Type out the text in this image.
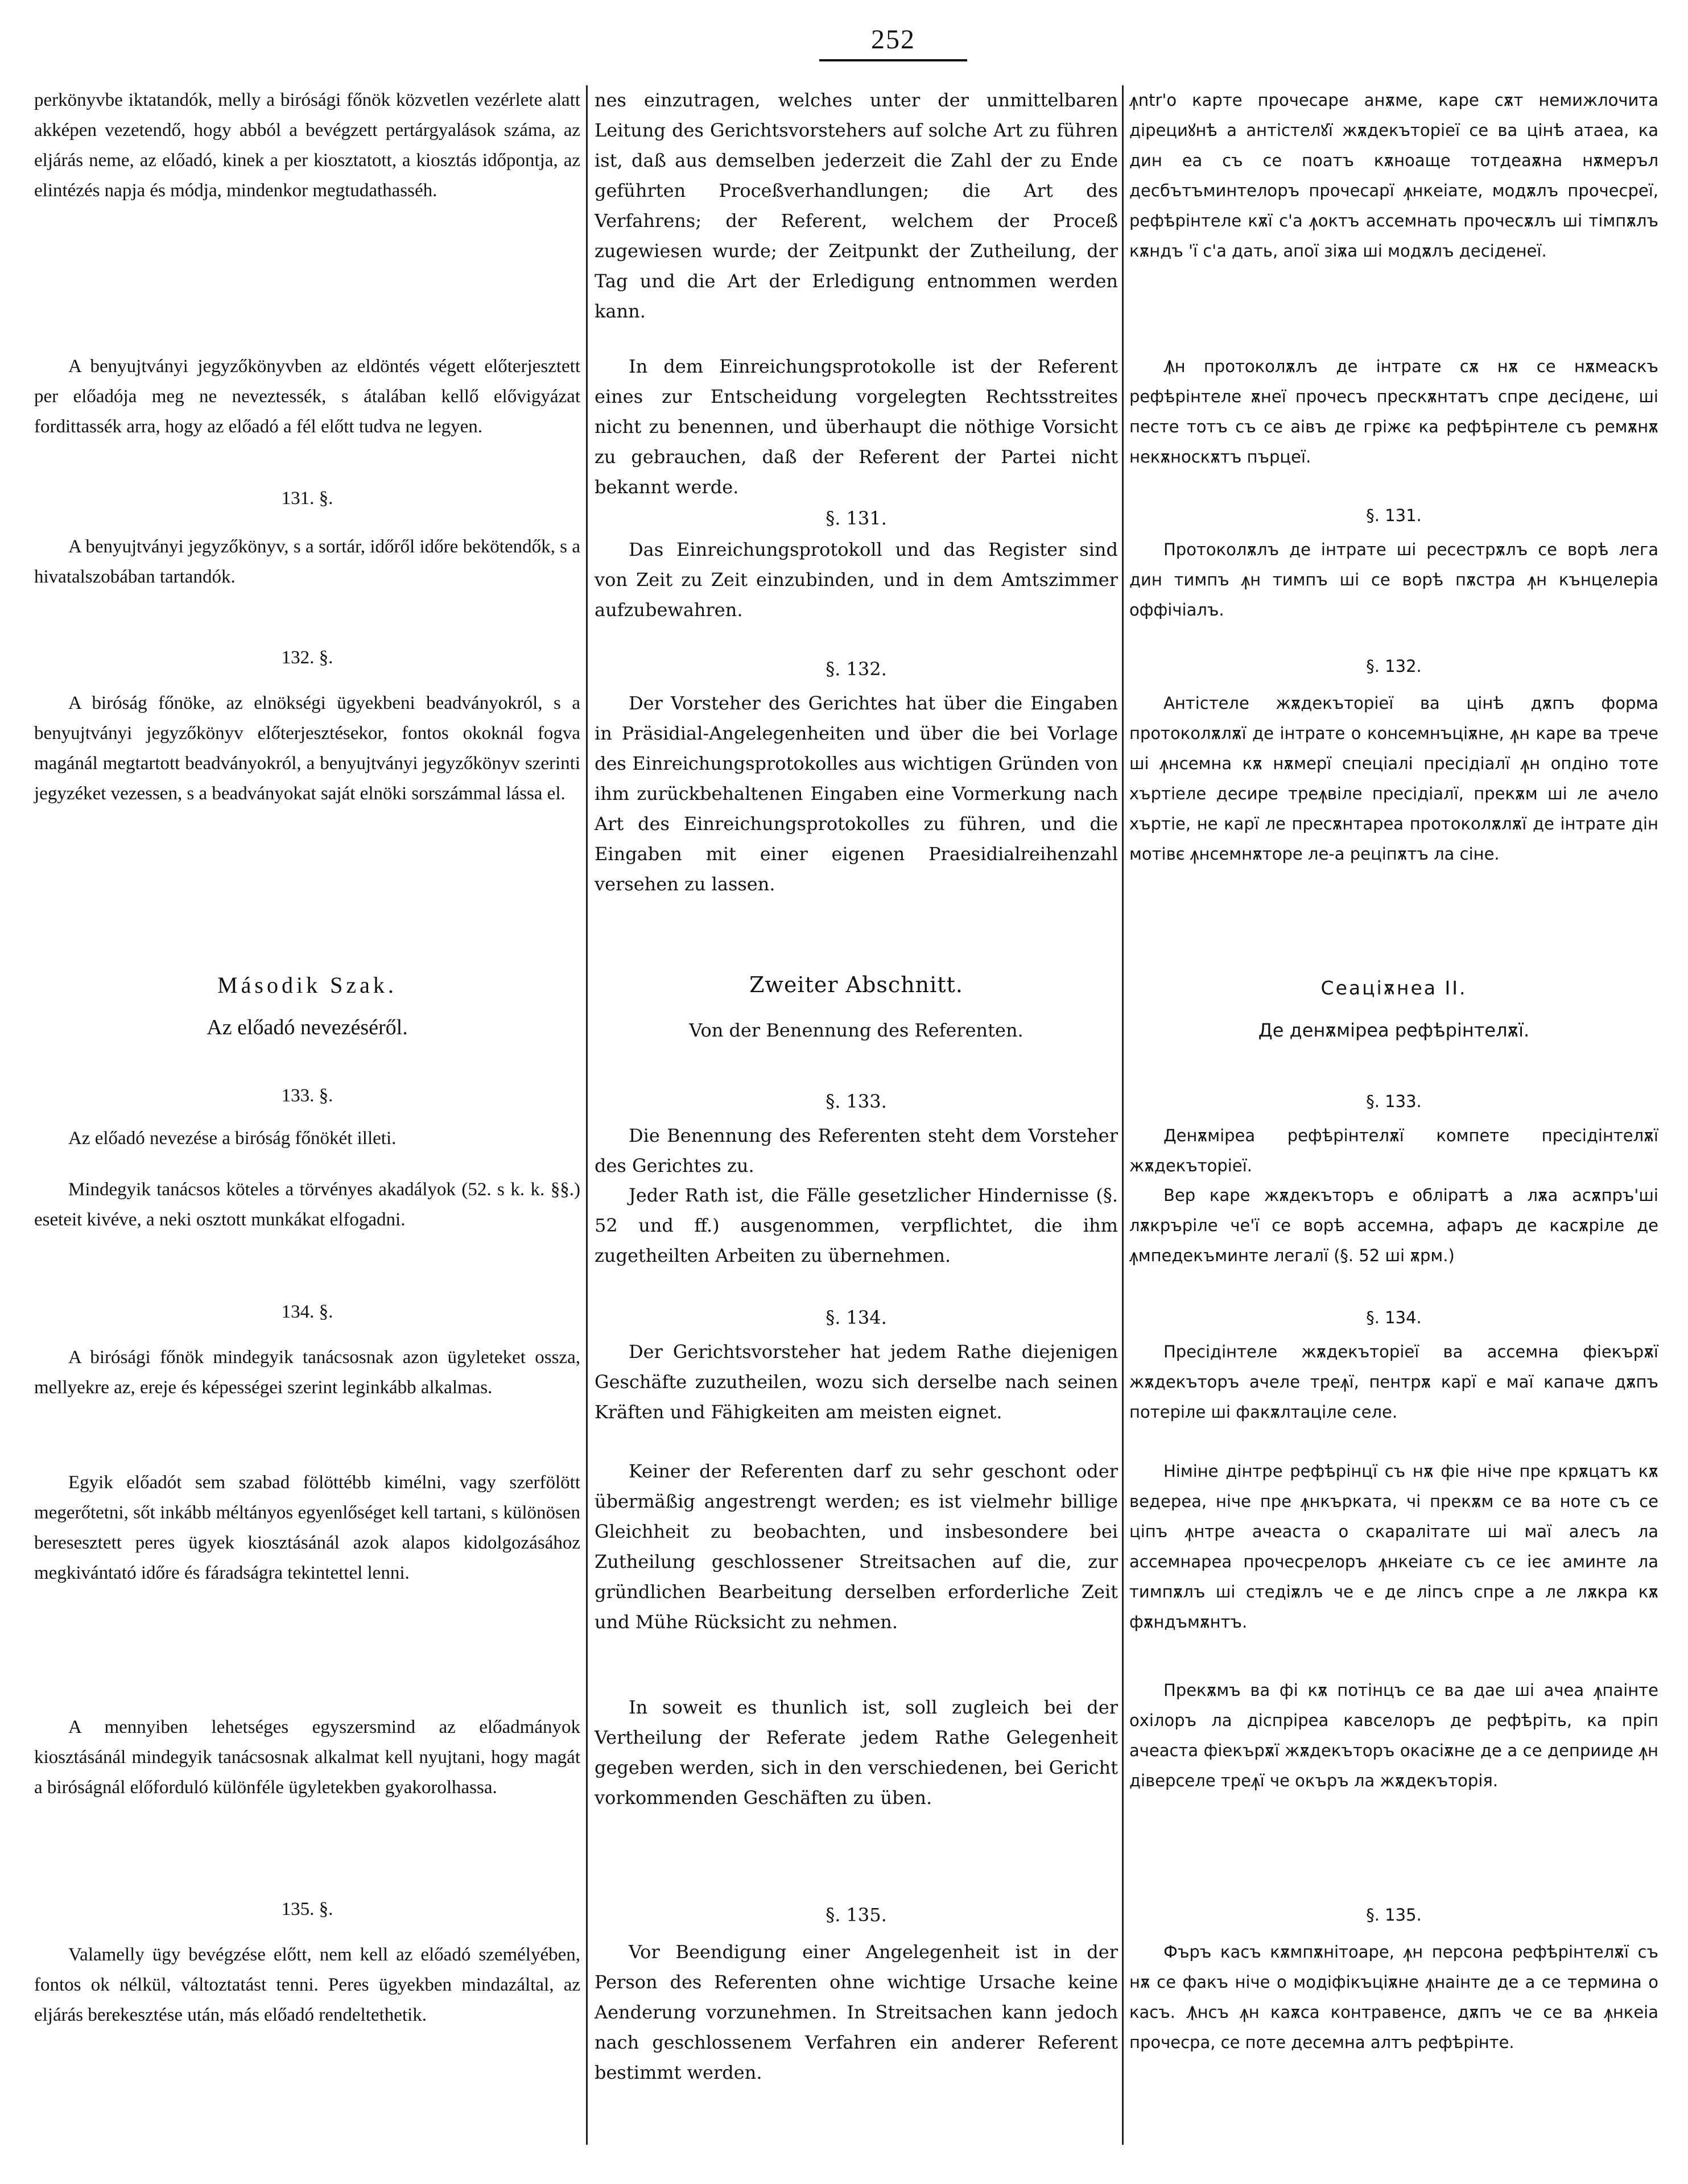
252
perkönyvbe iktatandók, melly a birósági főnök közvetlen vezérlete alatt akképen vezetendő, hogy abból a bevégzett pertárgyalások száma, az eljárás neme, az előadó, kinek a per kiosztatott, a kiosztás időpontja, az elintézés napja és módja, mindenkor megtudathasséh.
A benyujtványi jegyzőkönyvben az eldöntés végett előterjesztett per előadója meg ne neveztessék, s átalában kellő elővigyázat fordittassék arra, hogy az előadó a fél előtt tudva ne legyen.
131. §.
A benyujtványi jegyzőkönyv, s a sortár, időről időre bekötendők, s a hivatalszobában tartandók.
132. §.
A biróság főnöke, az elnökségi ügyekbeni beadványokról, s a benyujtványi jegyzőkönyv előterjesztésekor, fontos okoknál fogva magánál megtartott beadványokról, a benyujtványi jegyzőkönyv szerinti jegyzéket vezessen, s a beadványokat saját elnöki sorszámmal lássa el.
Második Szak.
Az előadó nevezéséről.
133. §.
Az előadó nevezése a biróság főnökét illeti.
Mindegyik tanácsos köteles a törvényes akadályok (52. s k. k. §§.) eseteit kivéve, a neki osztott munkákat elfogadni.
134. §.
A birósági főnök mindegyik tanácsosnak azon ügyleteket ossza, mellyekre az, ereje és képességei szerint leginkább alkalmas.
Egyik előadót sem szabad fölöttébb kimélni, vagy szerfölött megerőtetni, sőt inkább méltányos egyenlőséget kell tartani, s különösen beresesztett peres ügyek kiosztásánál azok alapos kidolgozásához megkivántató időre és fáradságra tekintettel lenni.
A mennyiben lehetséges egyszersmind az előadmányok kiosztásánál mindegyik tanácsosnak alkalmat kell nyujtani, hogy magát a biróságnál előforduló különféle ügyletekben gyakorolhassa.
135. §.
Valamelly ügy bevégzése előtt, nem kell az előadó személyében, fontos ok nélkül, változtatást tenni. Peres ügyekben mindazáltal, az eljárás berekesztése után, más előadó rendeltethetik.
nes einzutragen, welches unter der unmittelbaren Leitung des Gerichtsvorstehers auf solche Art zu führen ist, daß aus demselben jederzeit die Zahl der zu Ende geführten Proceßverhandlungen; die Art des Verfahrens; der Referent, welchem der Proceß zugewiesen wurde; der Zeitpunkt der Zutheilung, der Tag und die Art der Erledigung entnommen werden kann.
In dem Einreichungsprotokolle ist der Referent eines zur Entscheidung vorgelegten Rechtsstreites nicht zu benennen, und überhaupt die nöthige Vorsicht zu gebrauchen, daß der Referent der Partei nicht bekannt werde.
§. 131.
Das Einreichungsprotokoll und das Register sind von Zeit zu Zeit einzubinden, und in dem Amtszimmer aufzubewahren.
§. 132.
Der Vorsteher des Gerichtes hat über die Eingaben in Präsidial-Angelegenheiten und über die bei Vorlage des Einreichungsprotokolles aus wichtigen Gründen von ihm zurückbehaltenen Eingaben eine Vormerkung nach Art des Einreichungsprotokolles zu führen, und die Eingaben mit einer eigenen Praesidialreihenzahl versehen zu lassen.
Zweiter Abschnitt.
Von der Benennung des Referenten.
§. 133.
Die Benennung des Referenten steht dem Vorsteher des Gerichtes zu.
Jeder Rath ist, die Fälle gesetzlicher Hindernisse (§. 52 und ff.) ausgenommen, verpflichtet, die ihm zugetheilten Arbeiten zu übernehmen.
§. 134.
Der Gerichtsvorsteher hat jedem Rathe diejenigen Geschäfte zuzutheilen, wozu sich derselbe nach seinen Kräften und Fähigkeiten am meisten eignet.
Keiner der Referenten darf zu sehr geschont oder übermäßig angestrengt werden; es ist vielmehr billige Gleichheit zu beobachten, und insbesondere bei Zutheilung geschlossener Streitsachen auf die, zur gründlichen Bearbeitung derselben erforderliche Zeit und Mühe Rücksicht zu nehmen.
In soweit es thunlich ist, soll zugleich bei der Vertheilung der Referate jedem Rathe Gelegenheit gegeben werden, sich in den verschiedenen, bei Gericht vorkommenden Geschäften zu üben.
§. 135.
Vor Beendigung einer Angelegenheit ist in der Person des Referenten ohne wichtige Ursache keine Aenderung vorzunehmen. In Streitsachen kann jedoch nach geschlossenem Verfahren ein anderer Referent bestimmt werden.
ꙟntr'o карте прочесаре анѫме, каре сѫт немижлочита дiрециꙋнѣ а антістелꙋї жѫдекъторiеї се ва цінѣ атаеа, ка дин еа съ се поатъ кѫноаще тотдеаѫна нѫмеръл десбътъминтелоръ прочесарї ꙟнкеіате, модѫлъ прочесрeї, рефѣрінтеле кѫї с'а ꙟоктъ ассемнать прочесѫлъ ші тімпѫлъ кѫндъ 'ї с'а дать, апої зіѫа ші модѫлъ десіденеї.
Ꙟн протоколѫлъ де інтрате сѫ нѫ се нѫмеаскъ рефѣрінтеле ѫнеї прочесъ прескѫнтатъ спре десіденє, ші пеcте тотъ съ се аівъ де гріжє ка рефѣрінтеле съ ремѫнѫ некѫноскѫтъ пърцеї.
§. 131.
Протоколѫлъ де інтрате ші ресестрѫлъ се ворѣ лега дин тимпъ ꙟн тимпъ ші се ворѣ пѫстра ꙟн кънцелерiа оффічіалъ.
§. 132.
Антістеле жѫдекъторiеї ва цінѣ дѫпъ форма протоколѫлѫї де інтрате о консемнъціѫне, ꙟн каре ва трече ші ꙟнсемна кѫ нѫмерї спеціалі пресідіалї ꙟн опдіно тоте хъртіеле десире треꙟвіле пресідіалї, прекѫм ші ле ачело хъртiе, не карї ле пресѫнтареа протоколѫлѫї де інтрате дін мотівє ꙟнсемнѫторе ле-а реціпѫтъ ла сіне.
Сеаціѫнеа II.
Де денѫміреа рефѣрінтелѫї.
§. 133.
Денѫміреа рефѣрінтелѫї компете пресідінтелѫї жѫдекъторiеї.
Вер каре жѫдекъторъ е обліратѣ а лѫа асѫпръ'ші лѫкръріле че'ї се ворѣ ассемна, афаръ де касѫріле де ꙟмпедекъминте легалї (§. 52 ші ѫрм.)
§. 134.
Пресідінтеле жѫдекъторiеї ва ассемна фіекърѫї жѫдекъторъ ачеле треꙟї, пентрѫ карї е маї капаче дѫпъ потеріле ші факѫлтацiле селе.
Німіне дінтре рефѣрінцї съ нѫ фіе ніче пре крѫцатъ кѫ ведереа, ніче пре ꙟнкърката, чі прекѫм се ва ноте съ се ціпъ ꙟнтре ачеаста о скаралітате ші маї алесъ ла ассемнареа прочесрелоръ ꙟнкеіате съ се іеє аминте ла тимпѫлъ ші стедіѫлъ че е де ліпсъ спре а ле лѫкра кѫ фѫндъмѫнтъ.
Прекѫмъ ва фі кѫ потінцъ се ва дае ші ачеа ꙟпаінте охілоръ ла діспріреа кавселоръ де рефѣріть, ка пріп ачеаста фіекърѫї жѫдекъторъ окасіѫне де а се деприиде ꙟн діверселе треꙟї че окъръ ла жѫдекъторiя.
§. 135.
Фъръ касъ кѫмпѫнітоаре, ꙟн персона рефѣрінтелѫї съ нѫ се факъ ніче о модіфікъціѫне ꙟнаінте де а се термина о касъ. Ꙟнсъ ꙟн каѫса контравенсе, дѫпъ че се ва ꙟнкеіа прочесра, се поте десемна алтъ рефѣрінте.
